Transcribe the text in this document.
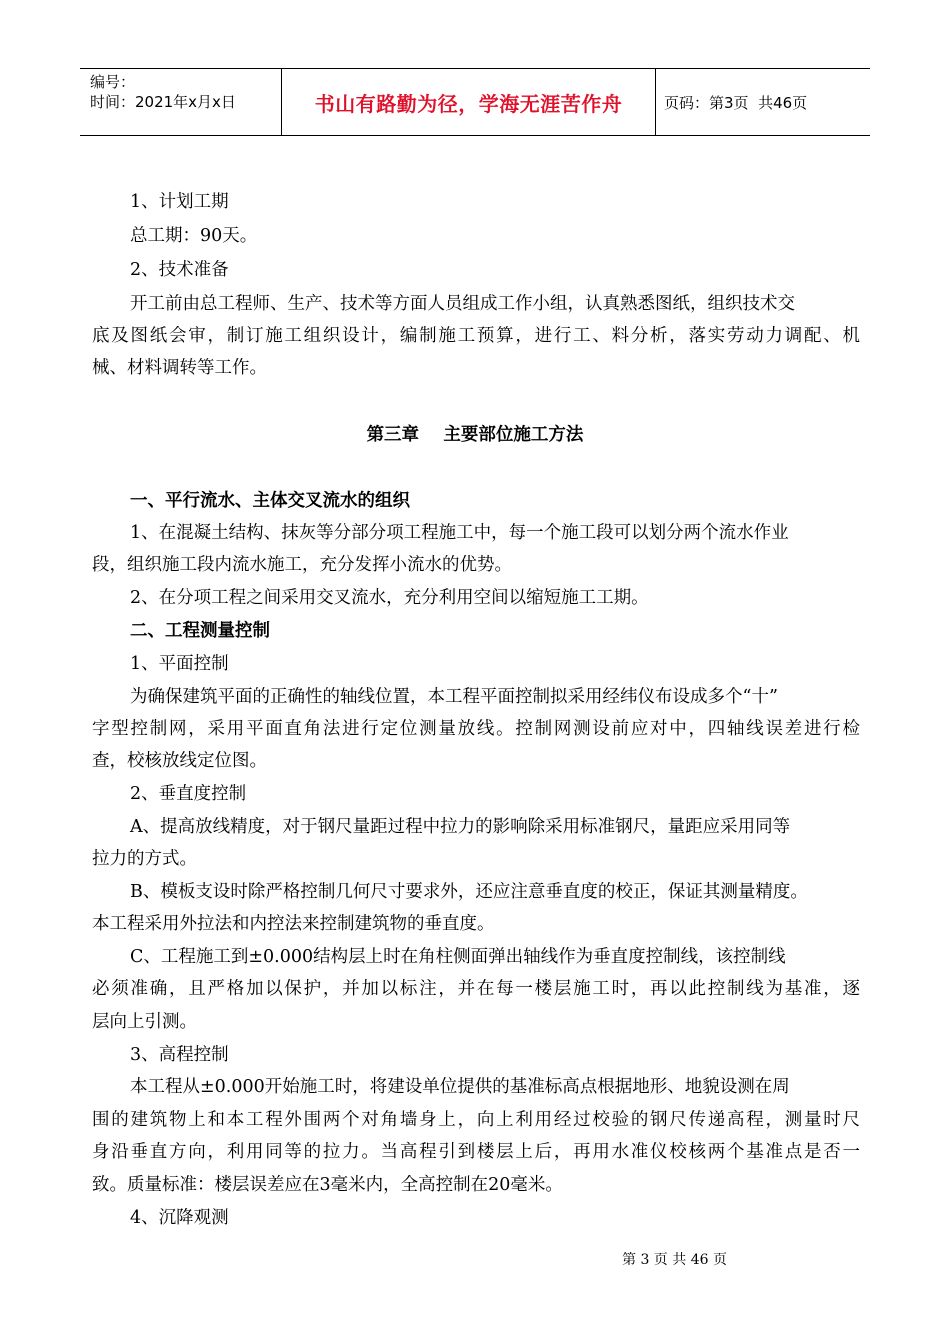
编号：
时间：2021年x月x日	书山有路勤为径，学海无涯苦作舟	页码：第3页  共46页
1、计划工期
总工期：90天。
2、技术准备
开工前由总工程师、生产、技术等方面人员组成工作小组，认真熟悉图纸，组织技术交
底及图纸会审，制订施工组织设计，编制施工预算，进行工、料分析，落实劳动力调配、机
械、材料调转等工作。
第三章    主要部位施工方法
一、平行流水、主体交叉流水的组织
1、在混凝土结构、抹灰等分部分项工程施工中，每一个施工段可以划分两个流水作业
段，组织施工段内流水施工，充分发挥小流水的优势。
2、在分项工程之间采用交叉流水，充分利用空间以缩短施工工期。
二、工程测量控制
1、平面控制
为确保建筑平面的正确性的轴线位置，本工程平面控制拟采用经纬仪布设成多个“十”
字型控制网，采用平面直角法进行定位测量放线。控制网测设前应对中，四轴线误差进行检
查，校核放线定位图。
2、垂直度控制
A、提高放线精度，对于钢尺量距过程中拉力的影响除采用标准钢尺，量距应采用同等
拉力的方式。
B、模板支设时除严格控制几何尺寸要求外，还应注意垂直度的校正，保证其测量精度。
本工程采用外拉法和内控法来控制建筑物的垂直度。
C、工程施工到±0.000结构层上时在角柱侧面弹出轴线作为垂直度控制线，该控制线
必须准确，且严格加以保护，并加以标注，并在每一楼层施工时，再以此控制线为基准，逐
层向上引测。
3、高程控制
本工程从±0.000开始施工时，将建设单位提供的基准标高点根据地形、地貌设测在周
围的建筑物上和本工程外围两个对角墙身上，向上利用经过校验的钢尺传递高程，测量时尺
身沿垂直方向，利用同等的拉力。当高程引到楼层上后，再用水准仪校核两个基准点是否一
致。质量标准：楼层误差应在3毫米内，全高控制在20毫米。
4、沉降观测
第 3 页 共 46 页
